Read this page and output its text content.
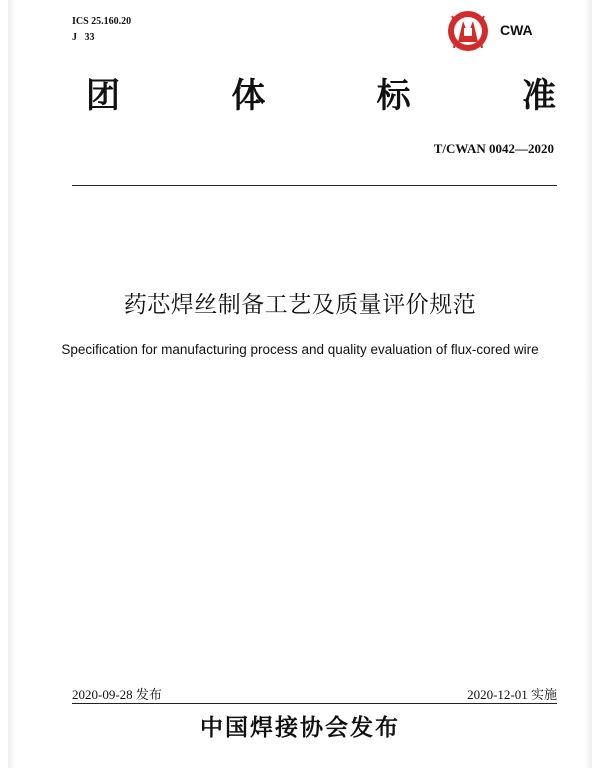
ICS 25.160.20
J   33	CWA
团	体	标	准
T/CWAN 0042—2020
药芯焊丝制备工艺及质量评价规范
Specification for manufacturing process and quality evaluation of flux-cored wire
2020-09-28 发布	2020-12-01 实施
中国焊接协会发布
